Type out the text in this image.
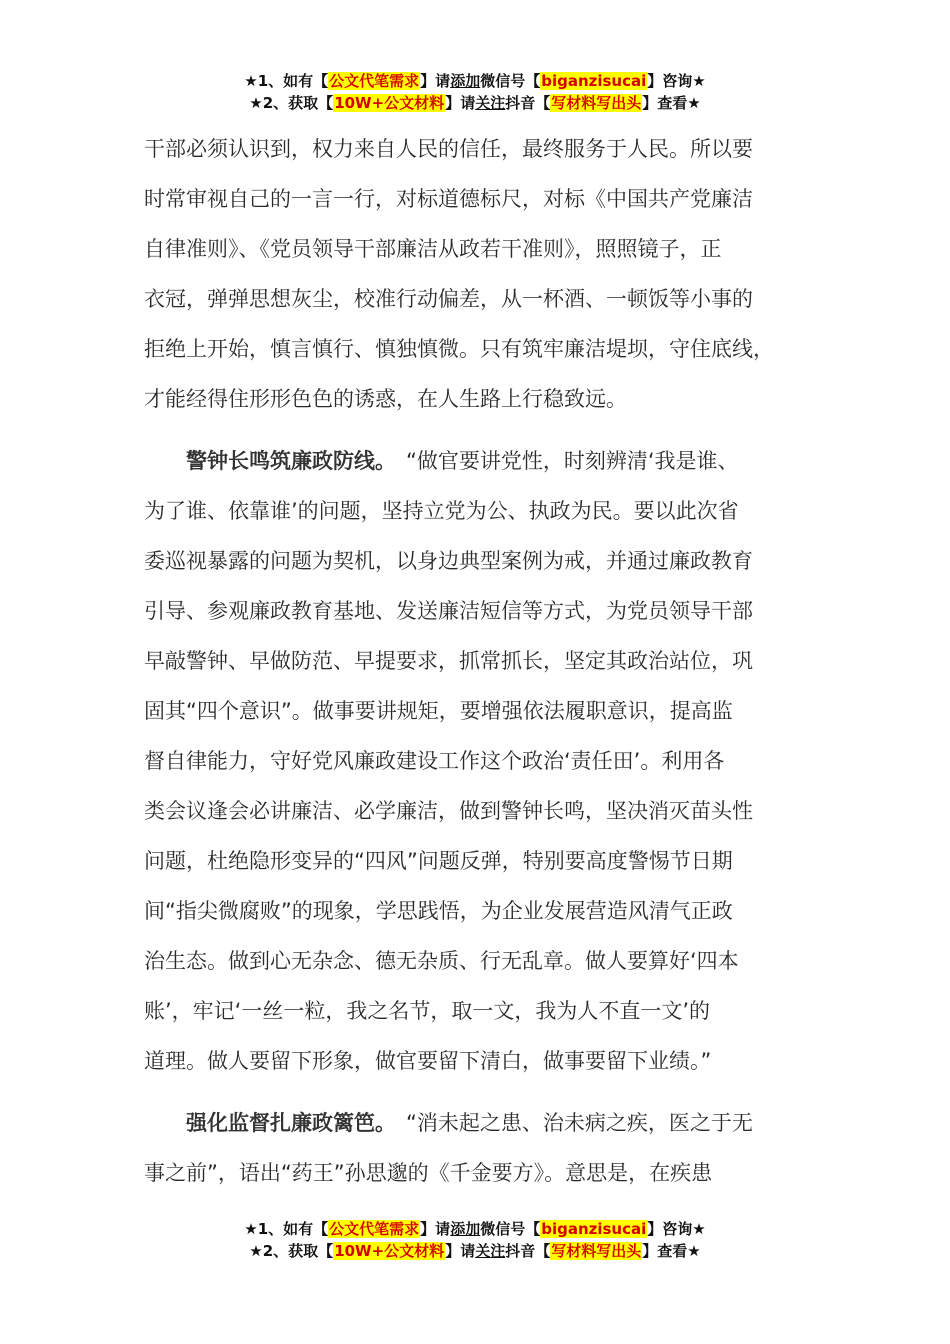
★1、如有【公文代笔需求】请添加微信号【biganzisucai】咨询★
★2、获取【10W+公文材料】请关注抖音【写材料写出头】查看★
干部必须认识到，权力来自人民的信任，最终服务于人民。所以要
时常审视自己的一言一行，对标道德标尺，对标《中国共产党廉洁
自律准则》、《党员领导干部廉洁从政若干准则》，照照镜子，正
衣冠，弹弹思想灰尘，校准行动偏差，从一杯酒、一顿饭等小事的
拒绝上开始，慎言慎行、慎独慎微。只有筑牢廉洁堤坝，守住底线，
才能经得住形形色色的诱惑，在人生路上行稳致远。
警钟长鸣筑廉政防线。 “做官要讲党性，时刻辨清‘我是谁、
为了谁、依靠谁’的问题，坚持立党为公、执政为民。要以此次省
委巡视暴露的问题为契机，以身边典型案例为戒，并通过廉政教育
引导、参观廉政教育基地、发送廉洁短信等方式，为党员领导干部
早敲警钟、早做防范、早提要求，抓常抓长，坚定其政治站位，巩
固其“四个意识”。做事要讲规矩，要增强依法履职意识，提高监
督自律能力，守好党风廉政建设工作这个政治‘责任田’。利用各
类会议逢会必讲廉洁、必学廉洁，做到警钟长鸣，坚决消灭苗头性
问题，杜绝隐形变异的“四风”问题反弹，特别要高度警惕节日期
间“指尖微腐败”的现象，学思践悟，为企业发展营造风清气正政
治生态。做到心无杂念、德无杂质、行无乱章。做人要算好‘四本
账’，牢记‘一丝一粒，我之名节，取一文，我为人不直一文’的
道理。做人要留下形象，做官要留下清白，做事要留下业绩。”
强化监督扎廉政篱笆。 “消未起之患、治未病之疾，医之于无
事之前”，语出“药王”孙思邈的《千金要方》。意思是，在疾患
★1、如有【公文代笔需求】请添加微信号【biganzisucai】咨询★
★2、获取【10W+公文材料】请关注抖音【写材料写出头】查看★
